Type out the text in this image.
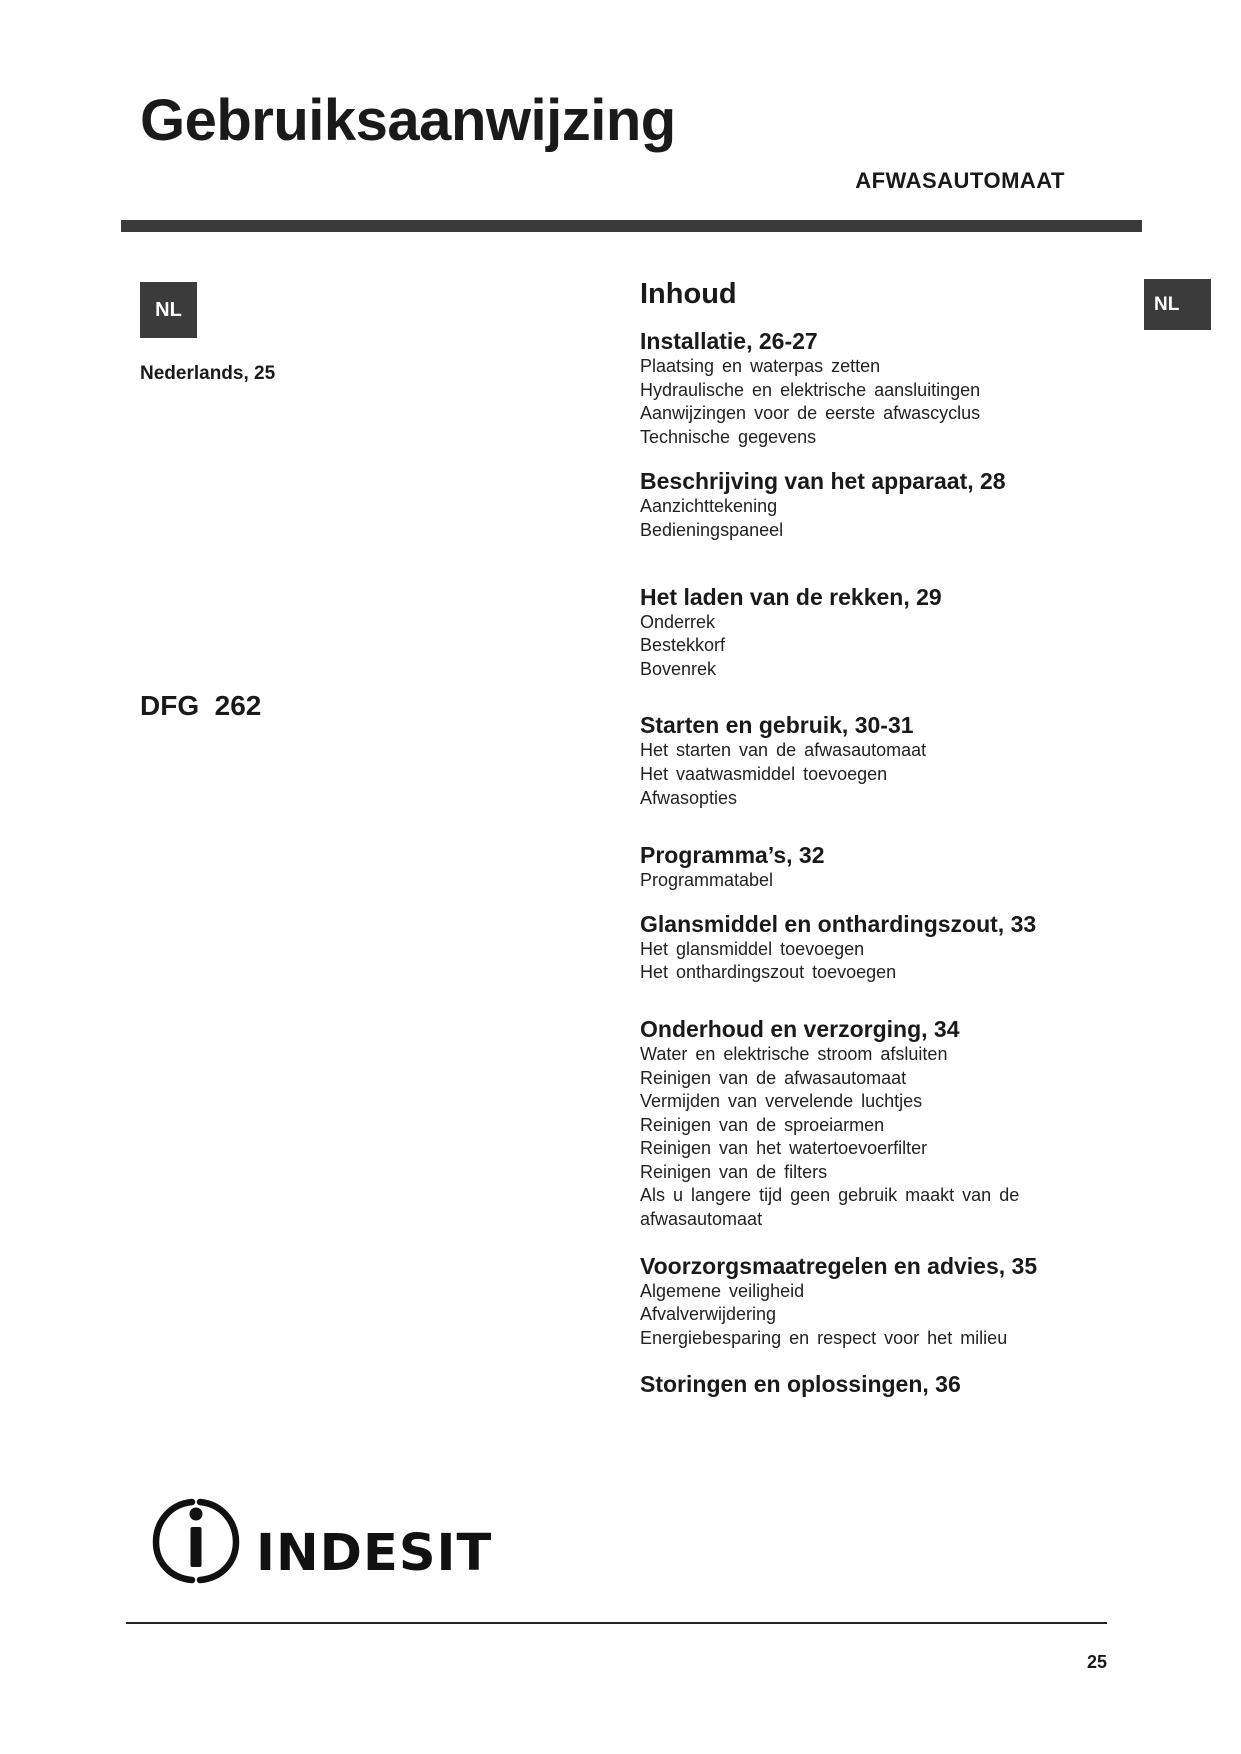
Gebruiksaanwijzing
AFWASAUTOMAAT
NL
Nederlands, 25
DFG  262
NL
Inhoud
Installatie, 26-27
Plaatsing en waterpas zetten
Hydraulische en elektrische aansluitingen
Aanwijzingen voor de eerste afwascyclus
Technische gegevens
Beschrijving van het apparaat, 28
Aanzichttekening
Bedieningspaneel
Het laden van de rekken, 29
Onderrek
Bestekkorf
Bovenrek
Starten en gebruik, 30-31
Het starten van de afwasautomaat
Het vaatwasmiddel toevoegen
Afwasopties
Programma’s, 32
Programmatabel
Glansmiddel en onthardingszout, 33
Het glansmiddel toevoegen
Het onthardingszout toevoegen
Onderhoud en verzorging, 34
Water en elektrische stroom afsluiten
Reinigen van de afwasautomaat
Vermijden van vervelende luchtjes
Reinigen van de sproeiarmen
Reinigen van het watertoevoerfilter
Reinigen van de filters
Als u langere tijd geen gebruik maakt van de
afwasautomaat
Voorzorgsmaatregelen en advies, 35
Algemene veiligheid
Afvalverwijdering
Energiebesparing en respect voor het milieu
Storingen en oplossingen, 36
INDESIT
25
